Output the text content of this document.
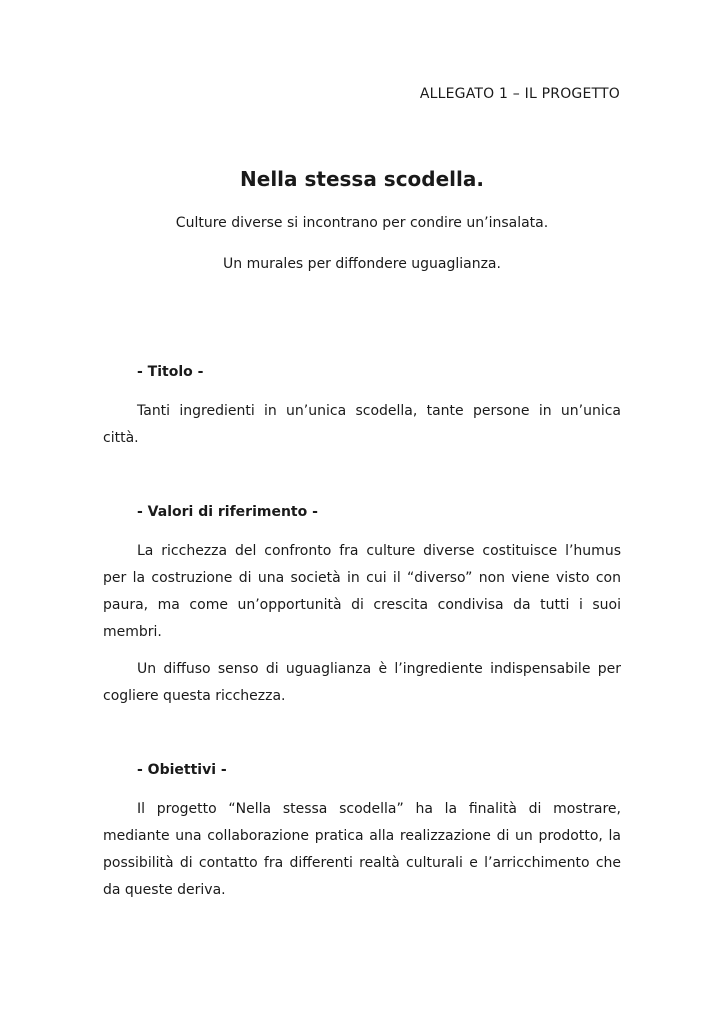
ALLEGATO 1 – IL PROGETTO
Nella stessa scodella.
Culture diverse si incontrano per condire un’insalata.
Un murales per diffondere uguaglianza.
- Titolo -

Tanti ingredienti in un’unica scodella, tante persone in un’unica città.

- Valori di riferimento -

La ricchezza del confronto fra culture diverse costituisce l’humus per la costruzione di una società in cui il “diverso” non viene visto con paura, ma come un’opportunità di crescita condivisa da tutti i suoi membri.

Un diffuso senso di uguaglianza è l’ingrediente indispensabile per cogliere questa ricchezza.

- Obiettivi -

Il progetto “Nella stessa scodella” ha la finalità di mostrare, mediante una collaborazione pratica alla realizzazione di un prodotto, la possibilità di contatto fra differenti realtà culturali e l’arricchimento che da queste deriva.
